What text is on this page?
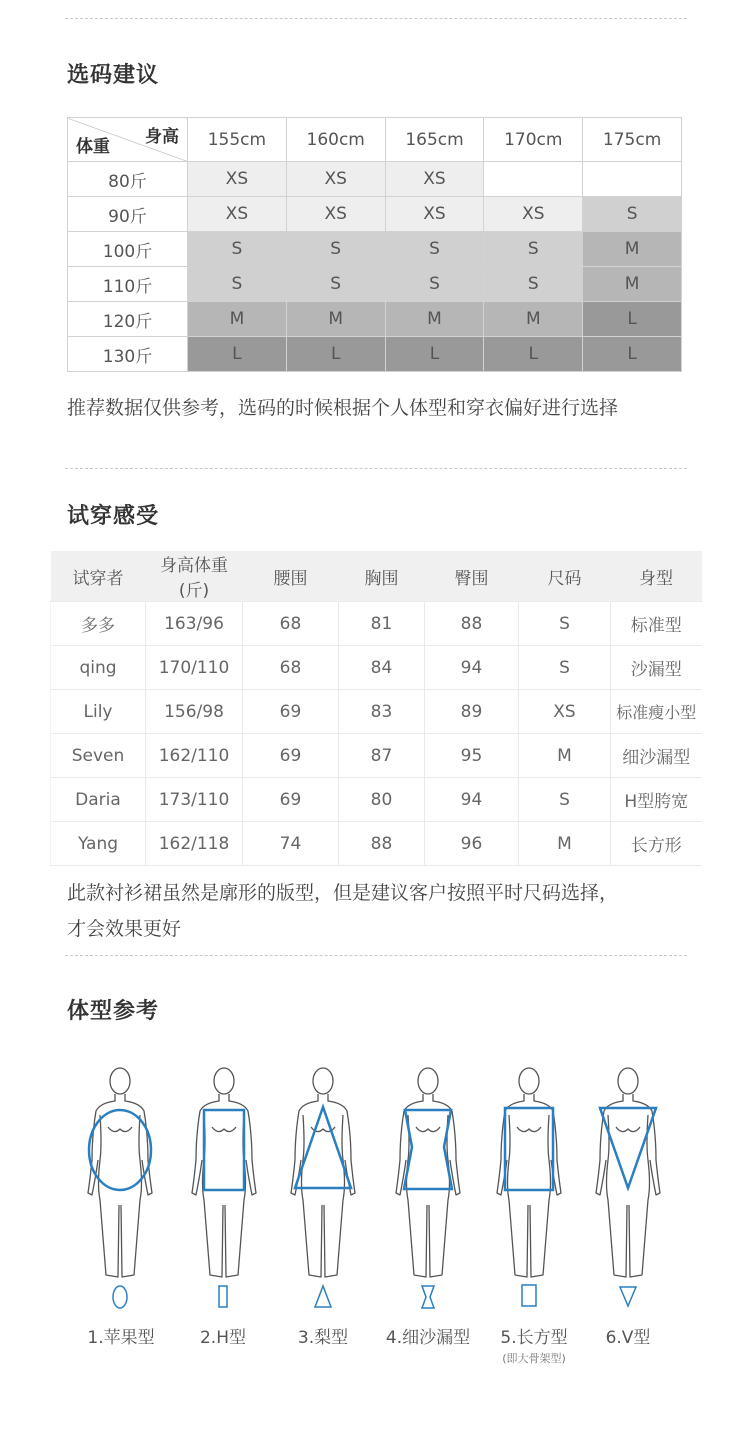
选码建议
身高
体重	155cm	160cm	165cm	170cm	175cm
80斤	XS	XS	XS		
90斤	XS	XS	XS	XS	S
100斤	S	S	S	S	M
110斤	S	S	S	S	M
120斤	M	M	M	M	L
130斤	L	L	L	L	L
推荐数据仅供参考，选码的时候根据个人体型和穿衣偏好进行选择
试穿感受
试穿者	身高体重(斤)	腰围	胸围	臀围	尺码	身型
多多	163/96	68	81	88	S	标准型
qing	170/110	68	84	94	S	沙漏型
Lily	156/98	69	83	89	XS	标准瘦小型
Seven	162/110	69	87	95	M	细沙漏型
Daria	173/110	69	80	94	S	H型胯宽
Yang	162/118	74	88	96	M	长方形
此款衬衫裙虽然是廓形的版型，但是建议客户按照平时尺码选择，
才会效果更好
体型参考
1.苹果型	2.H型	3.梨型	4.细沙漏型	5.长方型	6.V型
(即大骨架型)
